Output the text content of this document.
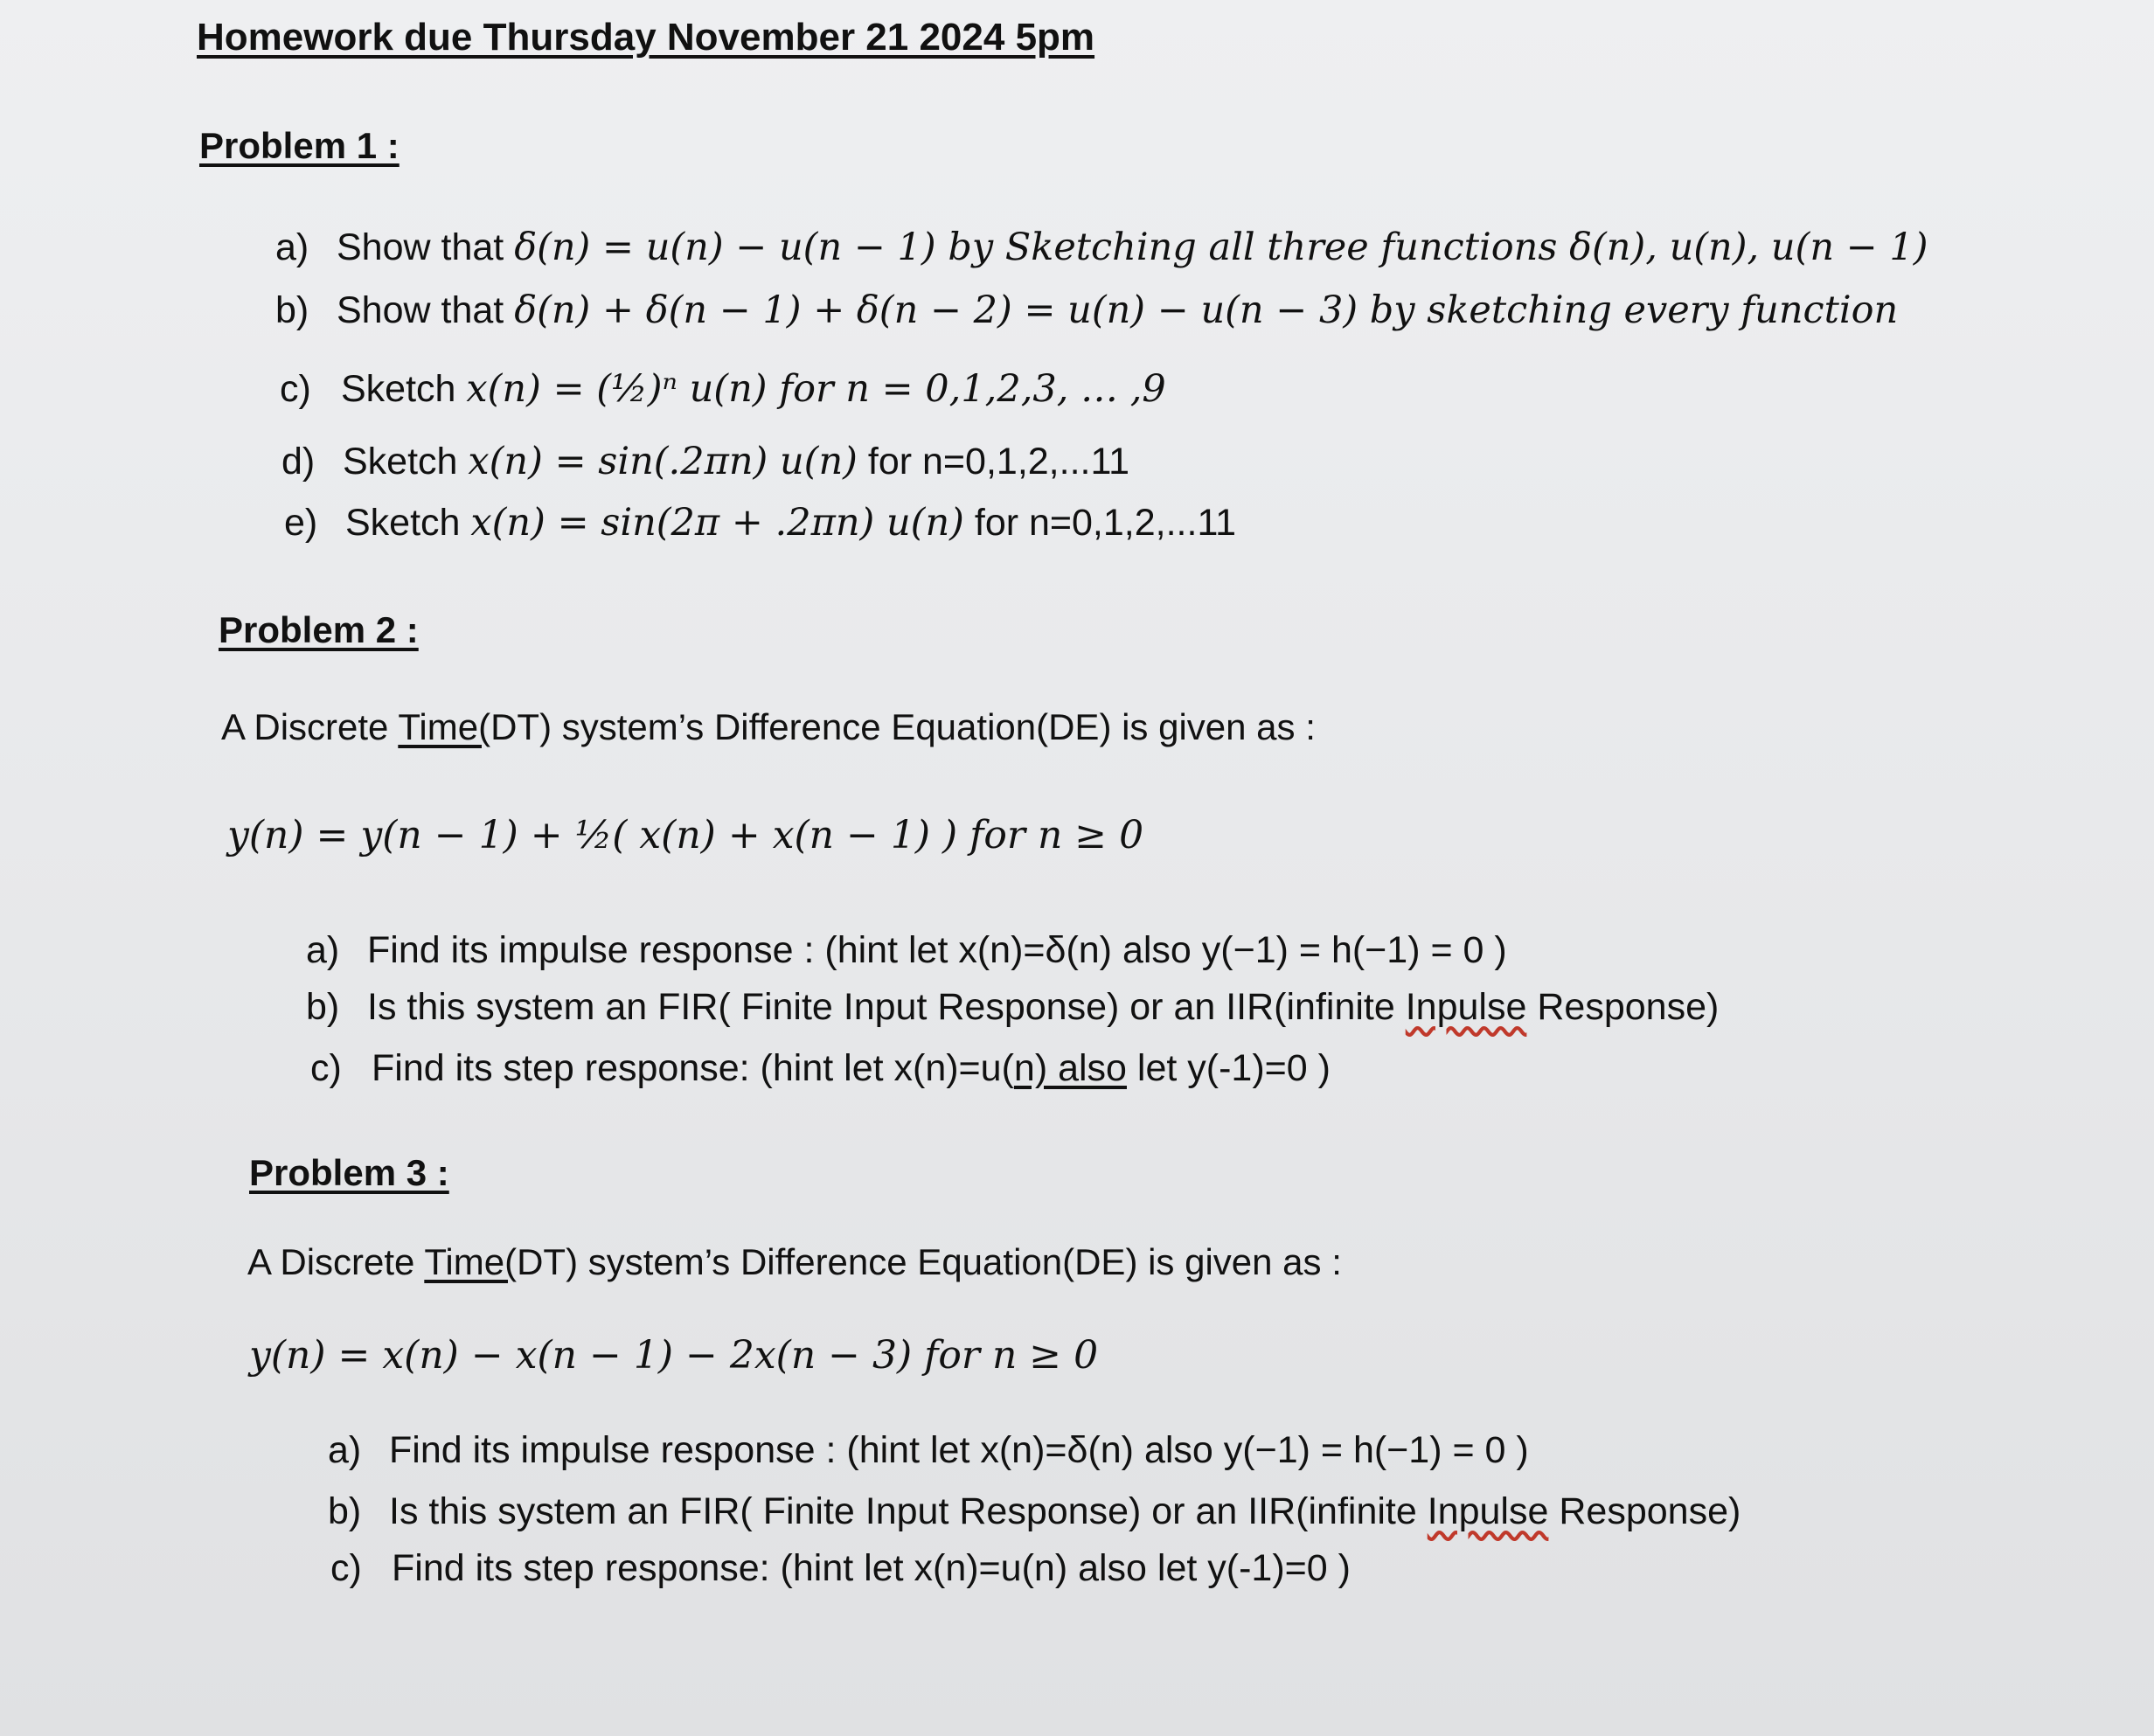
Homework due Thursday November 21 2024 5pm
Problem 1 :
a) Show that δ(n) = u(n) − u(n − 1) by Sketching all three functions δ(n), u(n), u(n − 1)
b) Show that δ(n) + δ(n − 1) + δ(n − 2) = u(n) − u(n − 3) by sketching every function
c) Sketch x(n) = (½)ⁿ u(n) for n = 0,1,2,3, … ,9
d) Sketch x(n) = sin(.2πn) u(n) for n=0,1,2,...11
e) Sketch x(n) = sin(2π + .2πn) u(n) for n=0,1,2,...11
Problem 2 :
A Discrete Time(DT) system’s Difference Equation(DE) is given as :
y(n) = y(n − 1) + ½( x(n) + x(n − 1) ) for n ≥ 0
a) Find its impulse response : (hint let x(n)=δ(n) also y(−1) = h(−1) = 0 )
b) Is this system an FIR( Finite Input Response) or an IIR(infinite Inpulse Response)
c) Find its step response: (hint let x(n)=u(n) also let y(-1)=0 )
Problem 3 :
A Discrete Time(DT) system’s Difference Equation(DE) is given as :
y(n) = x(n) − x(n − 1) − 2x(n − 3) for n ≥ 0
a) Find its impulse response : (hint let x(n)=δ(n) also y(−1) = h(−1) = 0 )
b) Is this system an FIR( Finite Input Response) or an IIR(infinite Inpulse Response)
c) Find its step response: (hint let x(n)=u(n) also let y(-1)=0 )
